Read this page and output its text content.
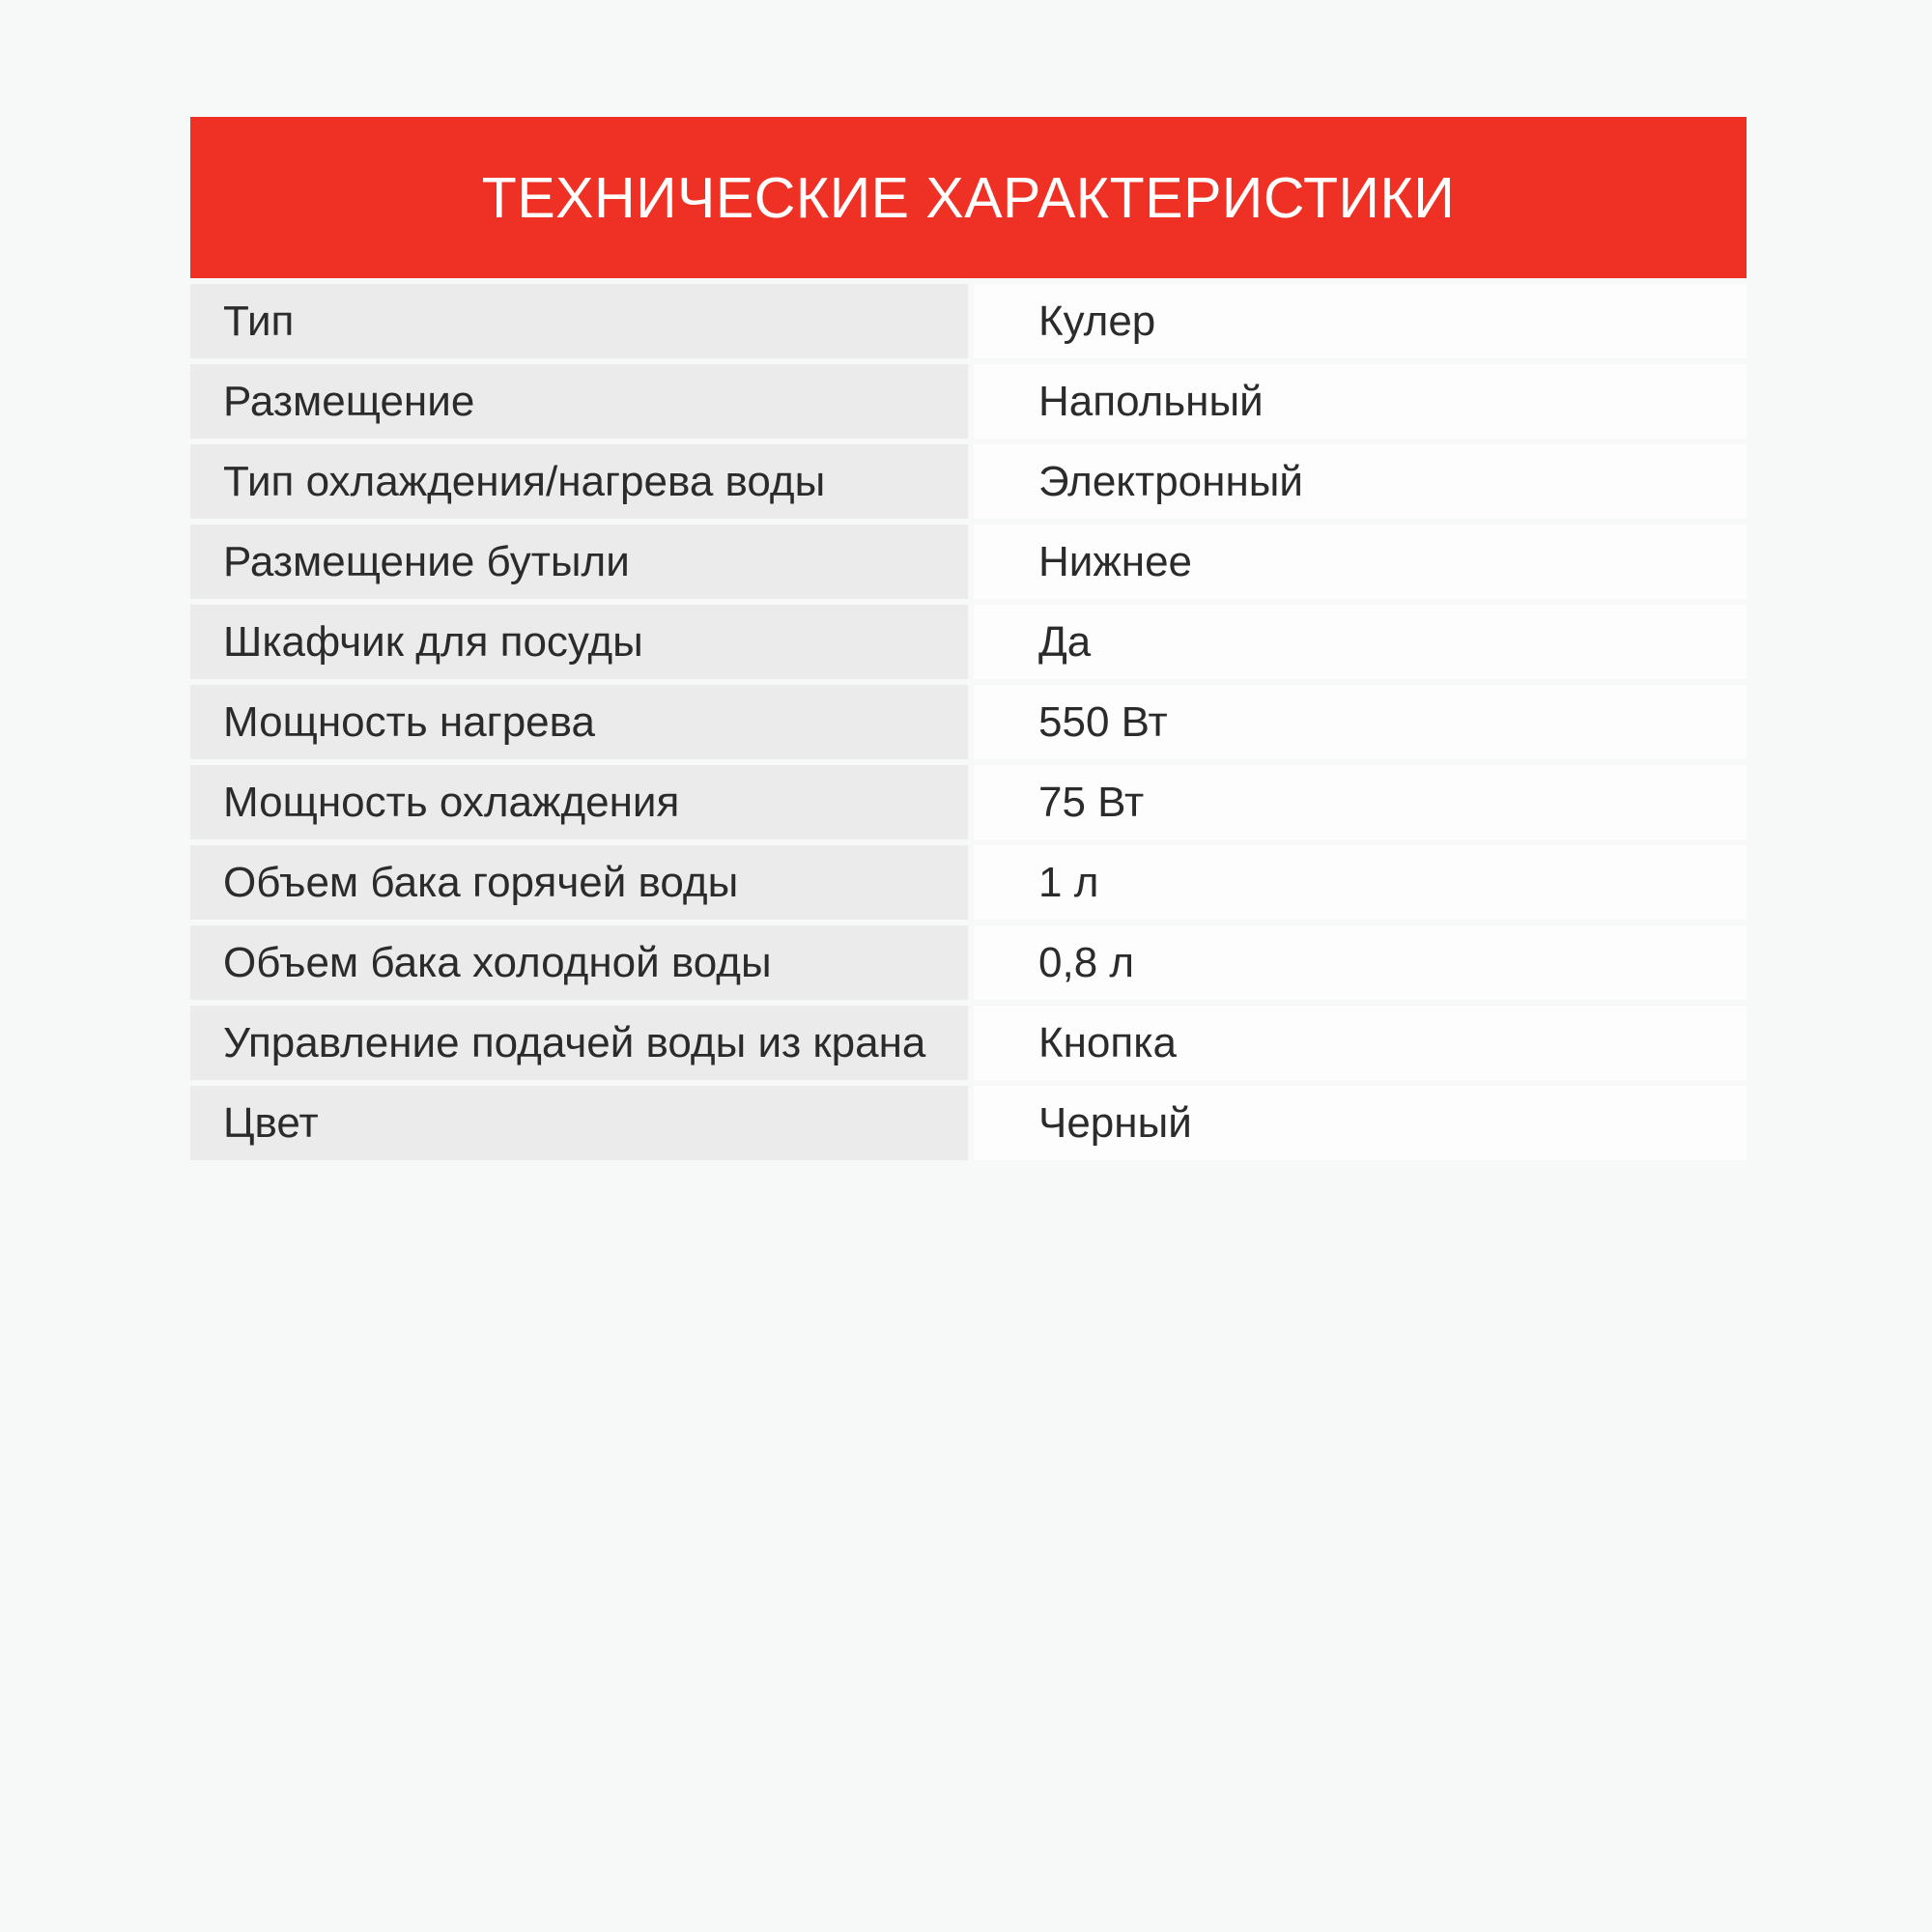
ТЕХНИЧЕСКИЕ ХАРАКТЕРИСТИКИ
Тип	Кулер
Размещение	Напольный
Тип охлаждения/нагрева воды	Электронный
Размещение бутыли	Нижнее
Шкафчик для посуды	Да
Мощность нагрева	550 Вт
Мощность охлаждения	75 Вт
Объем бака горячей воды	1 л
Объем бака холодной воды	0,8 л
Управление подачей воды из крана	Кнопка
Цвет	Черный
